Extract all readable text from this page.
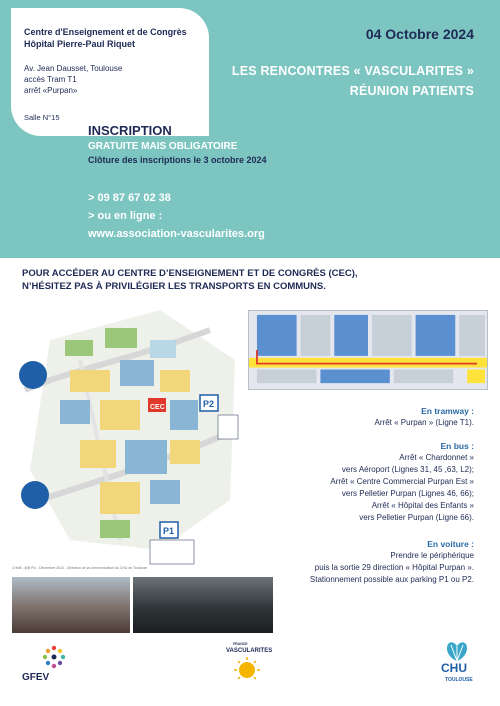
Centre d'Enseignement et de Congrès
Hôpital Pierre-Paul Riquet
Av. Jean Dausset, Toulouse
accès Tram T1
arrêt «Purpan»
Salle N°15
04 Octobre 2024
LES RENCONTRES « VASCULARITES »
RÉUNION PATIENTS
INSCRIPTION
GRATUITE MAIS OBLIGATOIRE
Clôture des inscriptions le 3 octobre 2024
> 09 87 67 02 38
> ou en ligne :
www.association-vascularites.org
POUR ACCÉDER AU CENTRE D’ENSEIGNEMENT ET DE CONGRÈS (CEC),
N’HÉSITEZ PAS À PRIVILÉGIER LES TRANSPORTS EN COMMUNS.
CEC	P2
P1
En tramway :
Arrêt « Purpan » (Ligne T1).
En bus :
Arrêt « Chardonnet »
vers Aéroport (Lignes 31, 45 ,63, L2);
Arrêt « Centre Commercial Purpan Est »
vers Pelletier Purpan (Lignes 46, 66);
Arrêt « Hôpital des Enfants »
vers Pelletier Purpan (Ligne 66).
En voiture :
Prendre le périphérique
puis la sortie 29 direction « Hôpital Purpan ».
Stationnement possible aux parking P1 ou P2.
Crédit : @B Pic - Décembre 2024 - Direction de la communication du CHU de Toulouse
GFEV
FRANCE
VASCULARITES
CHU
TOULOUSE
